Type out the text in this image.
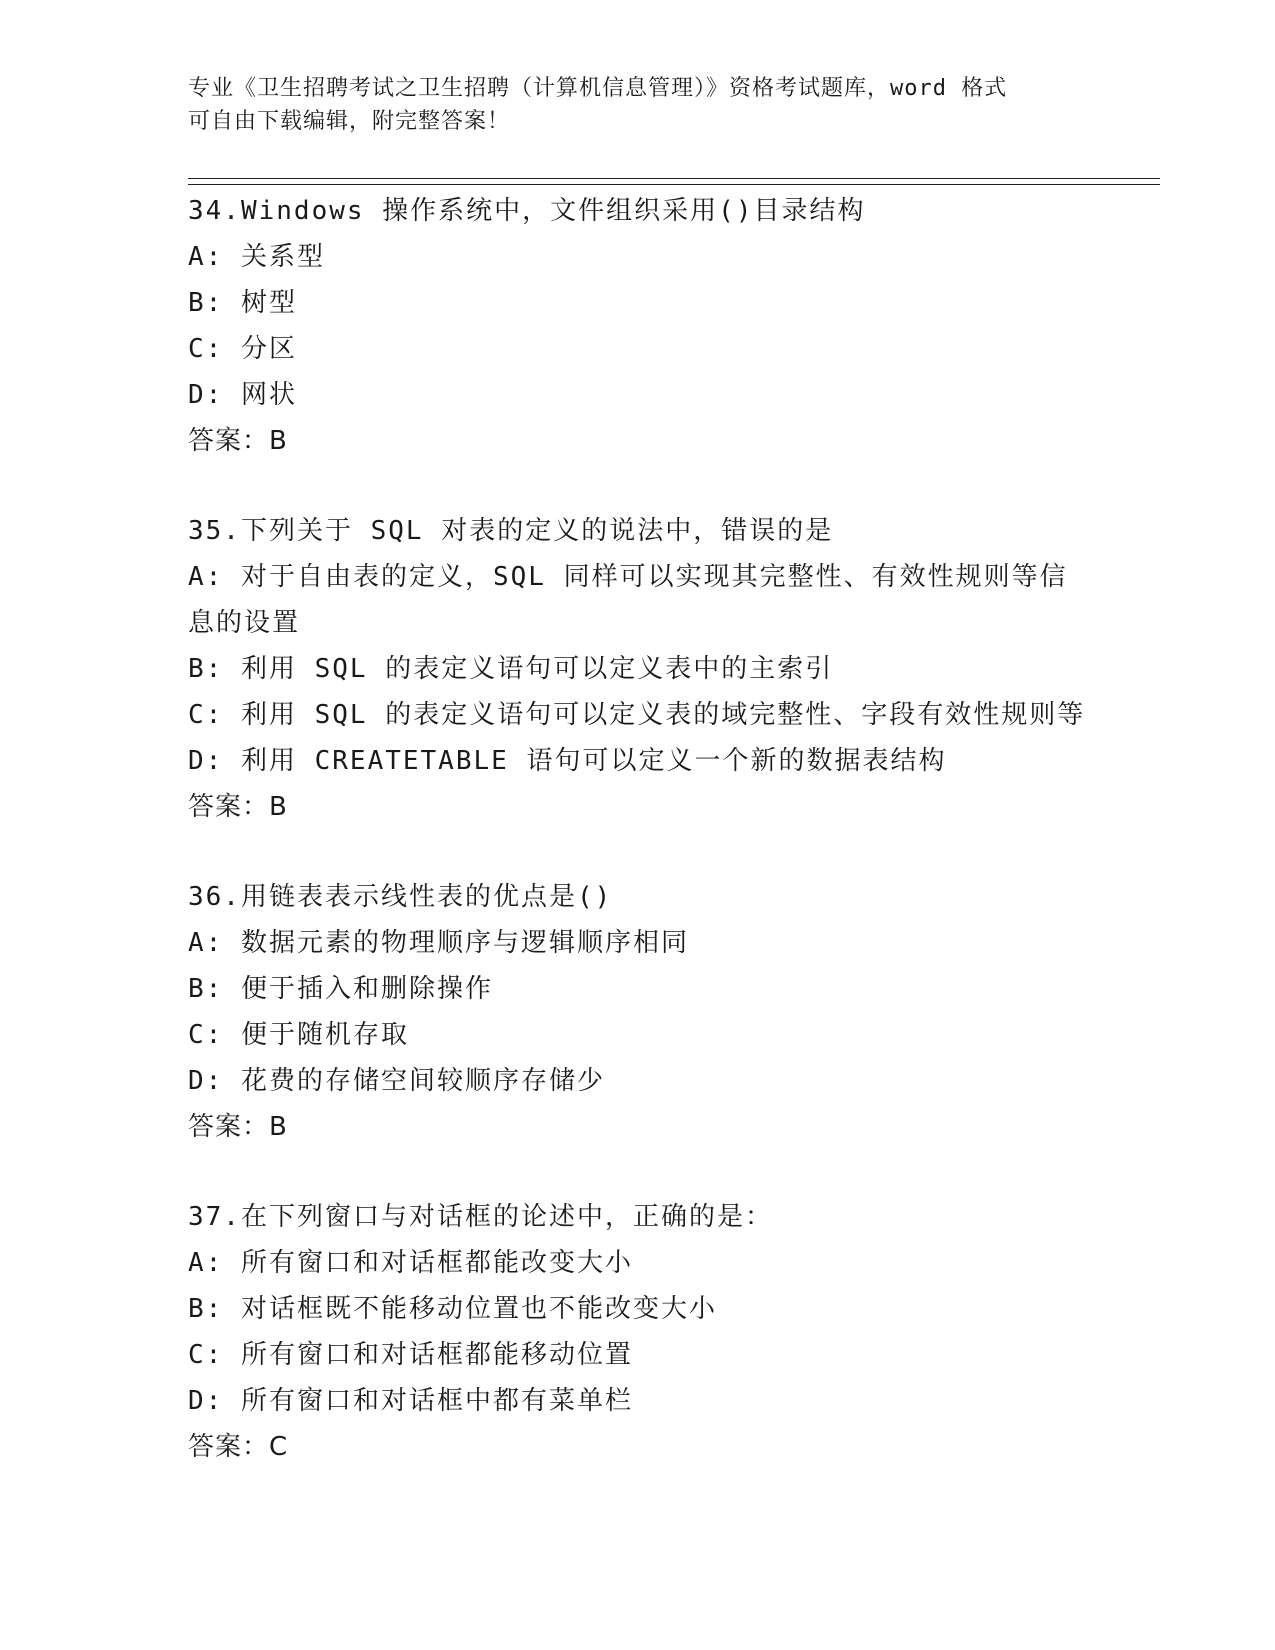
专业《卫生招聘考试之卫生招聘（计算机信息管理）》资格考试题库，word 格式
可自由下载编辑，附完整答案！
34.Windows 操作系统中，文件组织采用()目录结构
A: 关系型
B: 树型
C: 分区
D: 网状
答案：B
35.下列关于 SQL 对表的定义的说法中，错误的是
A: 对于自由表的定义，SQL 同样可以实现其完整性、有效性规则等信息的设置
B: 利用 SQL 的表定义语句可以定义表中的主索引
C: 利用 SQL 的表定义语句可以定义表的域完整性、字段有效性规则等
D: 利用 CREATETABLE 语句可以定义一个新的数据表结构
答案：B
36.用链表表示线性表的优点是()
A: 数据元素的物理顺序与逻辑顺序相同
B: 便于插入和删除操作
C: 便于随机存取
D: 花费的存储空间较顺序存储少
答案：B
37.在下列窗口与对话框的论述中，正确的是：
A: 所有窗口和对话框都能改变大小
B: 对话框既不能移动位置也不能改变大小
C: 所有窗口和对话框都能移动位置
D: 所有窗口和对话框中都有菜单栏
答案：C
